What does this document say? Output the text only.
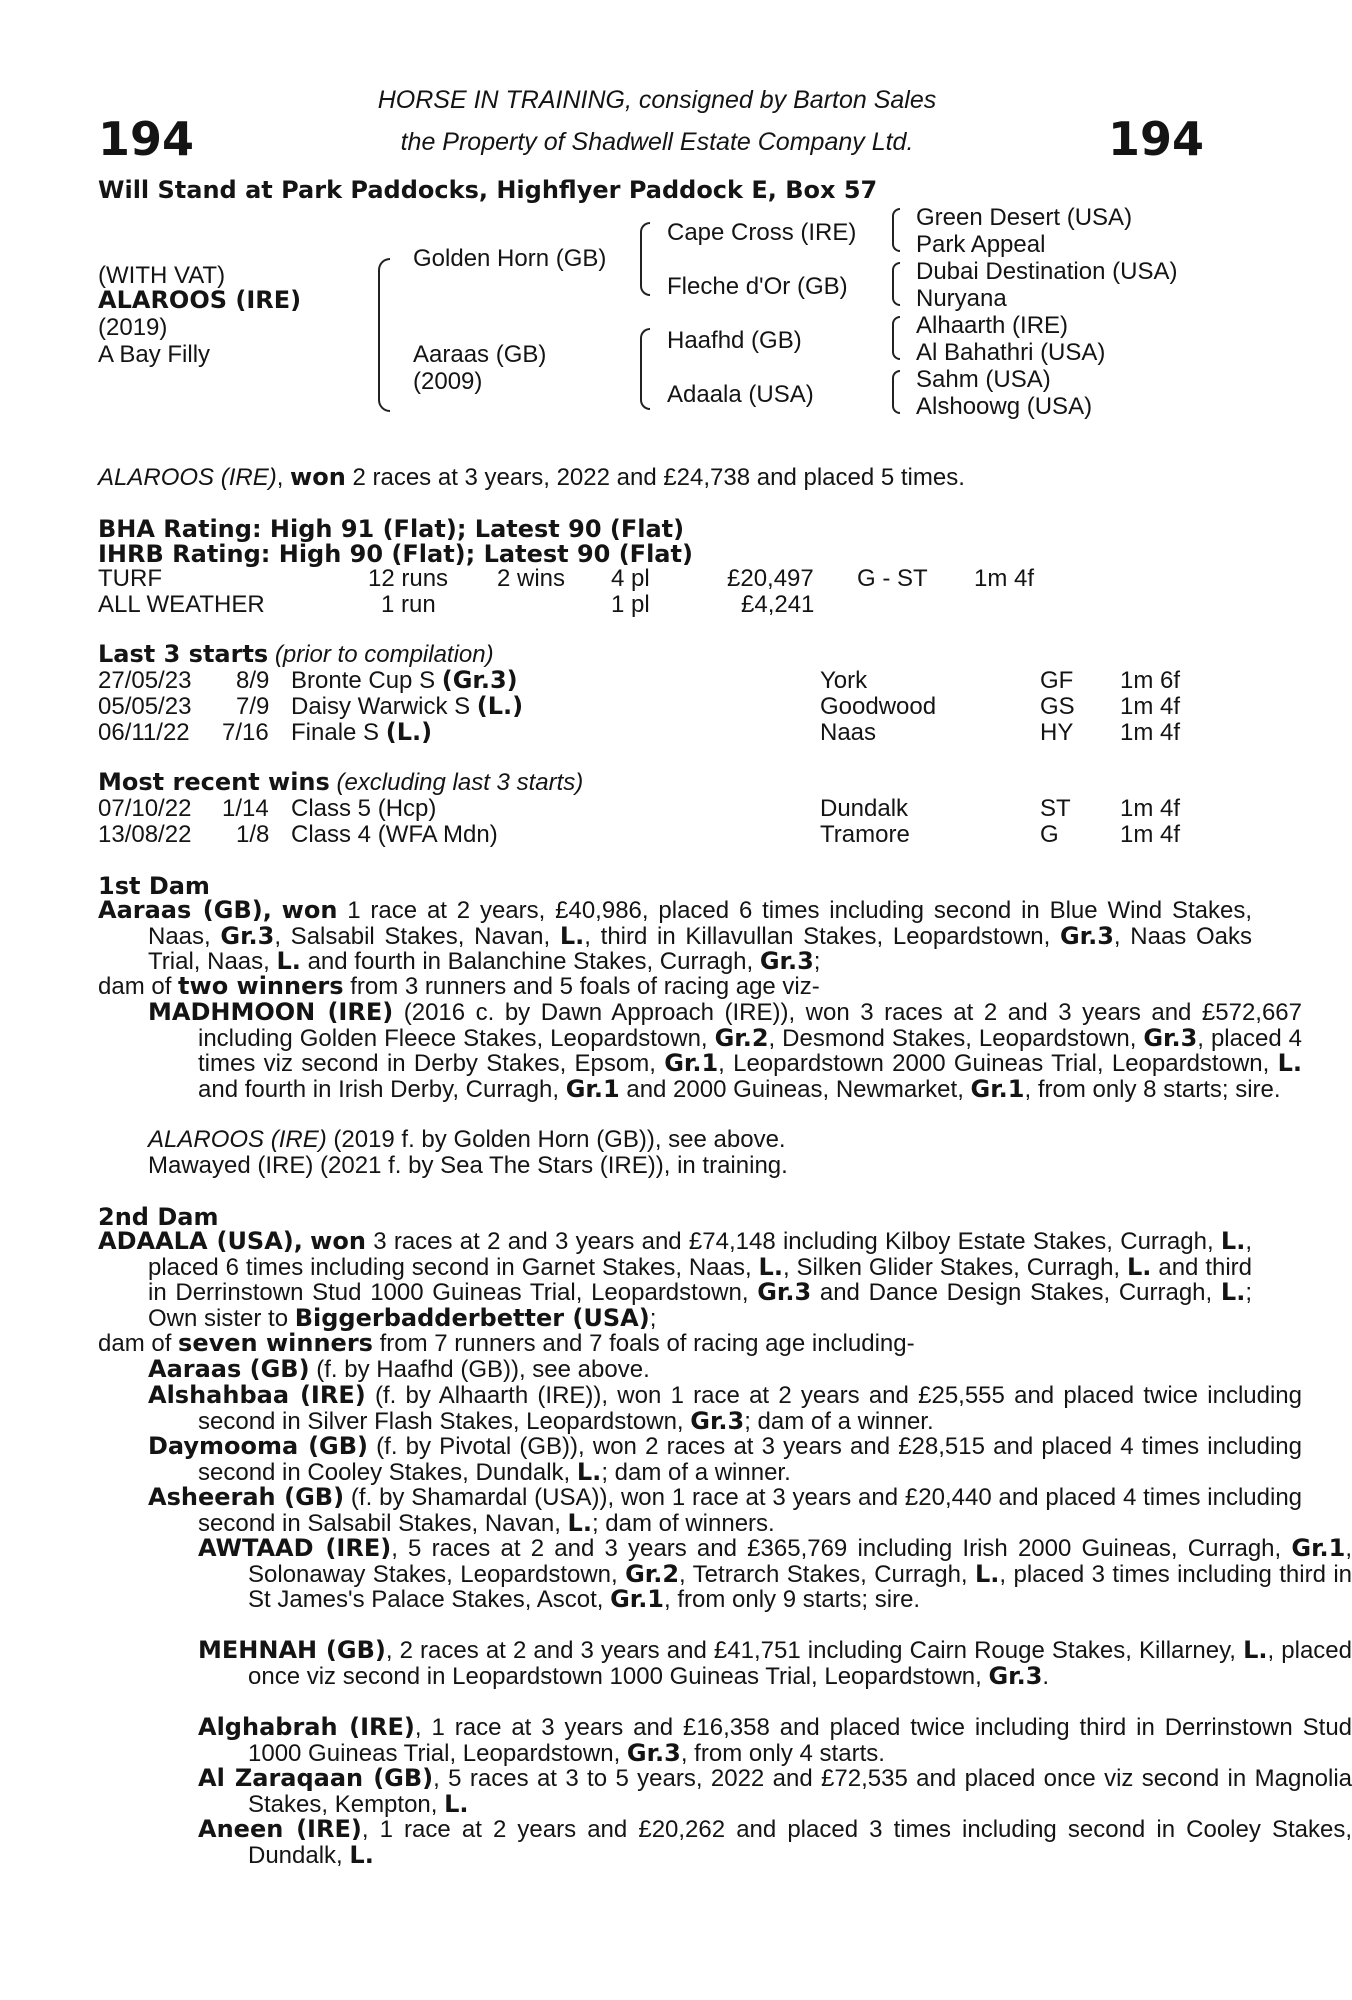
194	194
HORSE IN TRAINING, consigned by Barton Sales
the Property of Shadwell Estate Company Ltd.
Will Stand at Park Paddocks, Highflyer Paddock E, Box 57
(WITH VAT)
ALAROOS (IRE)
(2019)
A Bay Filly
Golden Horn (GB)
Aaraas (GB)
(2009)
Cape Cross (IRE)
Fleche d'Or (GB)
Haafhd (GB)
Adaala (USA)
Green Desert (USA)
Park Appeal
Dubai Destination (USA)
Nuryana
Alhaarth (IRE)
Al Bahathri (USA)
Sahm (USA)
Alshoowg (USA)
ALAROOS (IRE), won 2 races at 3 years, 2022 and £24,738 and placed 5 times.
BHA Rating: High 91 (Flat); Latest 90 (Flat)
IHRB Rating: High 90 (Flat); Latest 90 (Flat)
TURF	12 runs 2 wins 4 pl	£20,497 G - ST 1m 4f
ALL WEATHER	1 run	1 pl	£4,241
Last 3 starts (prior to compilation)
27/05/23 8/9 Bronte Cup S (Gr.3)	York	GF 1m 6f
05/05/23 7/9 Daisy Warwick S (L.)	Goodwood	GS 1m 4f
06/11/22 7/16 Finale S (L.)	Naas	HY 1m 4f
Most recent wins (excluding last 3 starts)
07/10/22 1/14 Class 5 (Hcp)	Dundalk	ST 1m 4f
13/08/22 1/8 Class 4 (WFA Mdn)	Tramore	G	1m 4f
1st Dam
Aaraas (GB), won 1 race at 2 years, £40,986, placed 6 times including second in Blue Wind Stakes, Naas, Gr.3, Salsabil Stakes, Navan, L., third in Killavullan Stakes, Leopardstown, Gr.3, Naas Oaks Trial, Naas, L. and fourth in Balanchine Stakes, Curragh, Gr.3;
dam of two winners from 3 runners and 5 foals of racing age viz-
MADHMOON (IRE) (2016 c. by Dawn Approach (IRE)), won 3 races at 2 and 3 years and £572,667 including Golden Fleece Stakes, Leopardstown, Gr.2, Desmond Stakes, Leopardstown, Gr.3, placed 4 times viz second in Derby Stakes, Epsom, Gr.1, Leopardstown 2000 Guineas Trial, Leopardstown, L. and fourth in Irish Derby, Curragh, Gr.1 and 2000 Guineas, Newmarket, Gr.1, from only 8 starts; sire.
ALAROOS (IRE) (2019 f. by Golden Horn (GB)), see above.
Mawayed (IRE) (2021 f. by Sea The Stars (IRE)), in training.
2nd Dam
ADAALA (USA), won 3 races at 2 and 3 years and £74,148 including Kilboy Estate Stakes, Curragh, L., placed 6 times including second in Garnet Stakes, Naas, L., Silken Glider Stakes, Curragh, L. and third in Derrinstown Stud 1000 Guineas Trial, Leopardstown, Gr.3 and Dance Design Stakes, Curragh, L.; Own sister to Biggerbadderbetter (USA);
dam of seven winners from 7 runners and 7 foals of racing age including-
Aaraas (GB) (f. by Haafhd (GB)), see above.
Alshahbaa (IRE) (f. by Alhaarth (IRE)), won 1 race at 2 years and £25,555 and placed twice including second in Silver Flash Stakes, Leopardstown, Gr.3; dam of a winner.
Daymooma (GB) (f. by Pivotal (GB)), won 2 races at 3 years and £28,515 and placed 4 times including second in Cooley Stakes, Dundalk, L.; dam of a winner.
Asheerah (GB) (f. by Shamardal (USA)), won 1 race at 3 years and £20,440 and placed 4 times including second in Salsabil Stakes, Navan, L.; dam of winners.
AWTAAD (IRE), 5 races at 2 and 3 years and £365,769 including Irish 2000 Guineas, Curragh, Gr.1, Solonaway Stakes, Leopardstown, Gr.2, Tetrarch Stakes, Curragh, L., placed 3 times including third in St James's Palace Stakes, Ascot, Gr.1, from only 9 starts; sire.
MEHNAH (GB), 2 races at 2 and 3 years and £41,751 including Cairn Rouge Stakes, Killarney, L., placed once viz second in Leopardstown 1000 Guineas Trial, Leopardstown, Gr.3.
Alghabrah (IRE), 1 race at 3 years and £16,358 and placed twice including third in Derrinstown Stud 1000 Guineas Trial, Leopardstown, Gr.3, from only 4 starts.
Al Zaraqaan (GB), 5 races at 3 to 5 years, 2022 and £72,535 and placed once viz second in Magnolia Stakes, Kempton, L.
Aneen (IRE), 1 race at 2 years and £20,262 and placed 3 times including second in Cooley Stakes, Dundalk, L.
